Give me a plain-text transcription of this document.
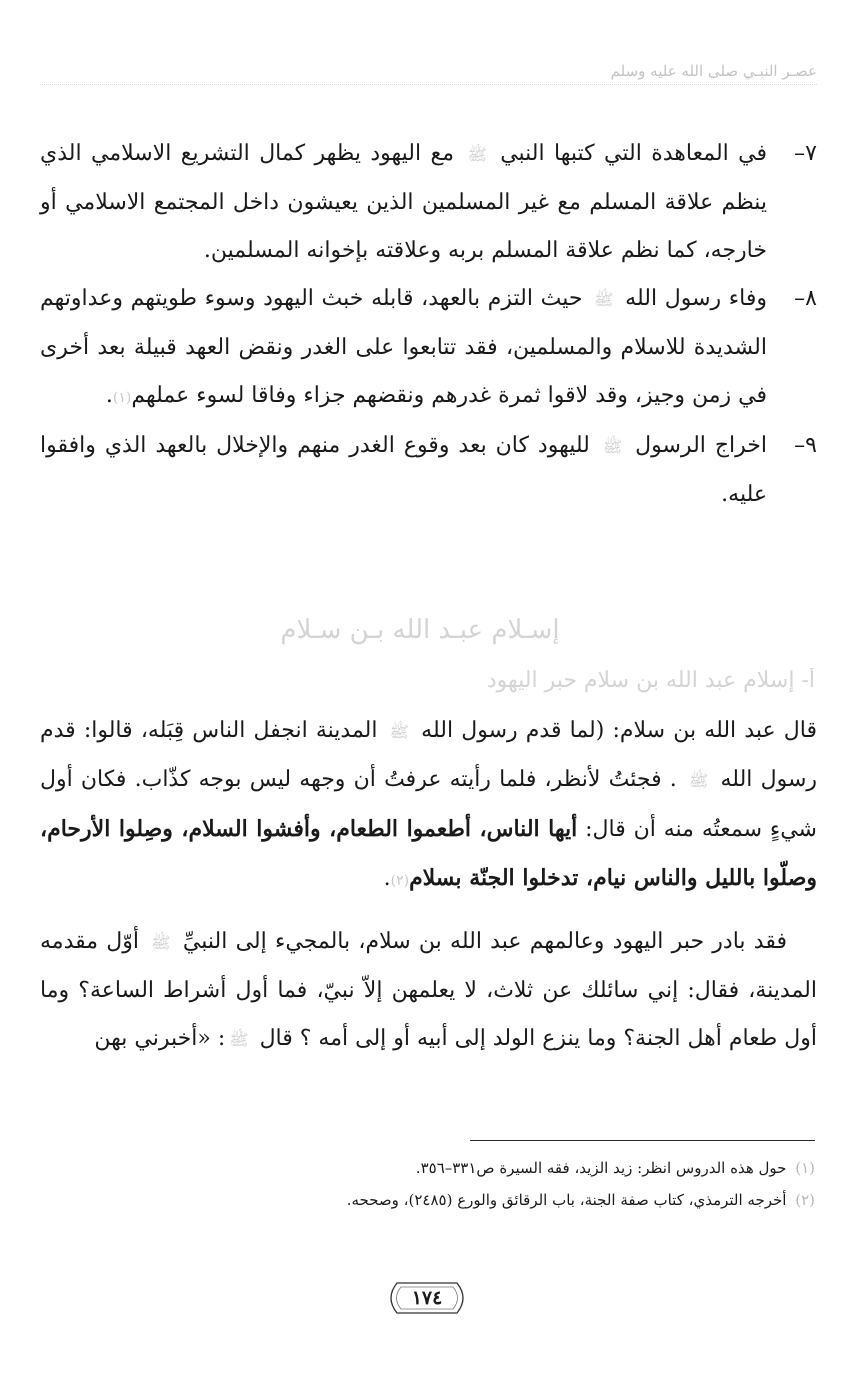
عصـر النبـي صلى الله عليه وسلم
٧–
في المعاهدة التي كتبها النبي ﷺ مع اليهود يظهر كمال التشريع الاسلامي الذي ينظم علاقة المسلم مع غير المسلمين الذين يعيشون داخل المجتمع الاسلامي أو خارجه، كما نظم علاقة المسلم بربه وعلاقته بإخوانه المسلمين.
٨–
وفاء رسول الله ﷺ حيث التزم بالعهد، قابله خبث اليهود وسوء طويتهم وعداوتهم الشديدة للاسلام والمسلمين، فقد تتابعوا على الغدر ونقض العهد قبيلة بعد أخرى في زمن وجيز، وقد لاقوا ثمرة غدرهم ونقضهم جزاء وفاقا لسوء عملهم(١).
٩–
اخراج الرسول ﷺ لليهود كان بعد وقوع الغدر منهم والإخلال بالعهد الذي وافقوا عليه.
إسـلام عبـد الله بـن سـلام
أ- إسلام عبد الله بن سلام حبر اليهود

قال عبد الله بن سلام: (لما قدم رسول الله ﷺ المدينة انجفل الناس قِبَله، قالوا: قدم رسول الله ﷺ . فجئتُ لأنظر، فلما رأيته عرفتُ أن وجهه ليس بوجه كذّاب. فكان أول شيءٍ سمعتُه منه أن قال: أيها الناس، أطعموا الطعام، وأفشوا السلام، وصِلوا الأرحام، وصلّوا بالليل والناس نيام، تدخلوا الجنّة بسلام(٢).

فقد بادر حبر اليهود وعالمهم عبد الله بن سلام، بالمجيء إلى النبيِّ ﷺ أوّل مقدمه المدينة، فقال: إني سائلك عن ثلاث، لا يعلمهن إلاّ نبيّ، فما أول أشراط الساعة؟ وما أول طعام أهل الجنة؟ وما ينزع الولد إلى أبيه أو إلى أمه ؟ قال ﷺ: «أخبرني بهن

(١) حول هذه الدروس انظر: زيد الزيد، فقه السيرة ص٣٣١–٣٥٦.

(٢) أخرجه الترمذي، كتاب صفة الجنة، باب الرقائق والورع (٢٤٨٥)، وصححه.

١٧٤
